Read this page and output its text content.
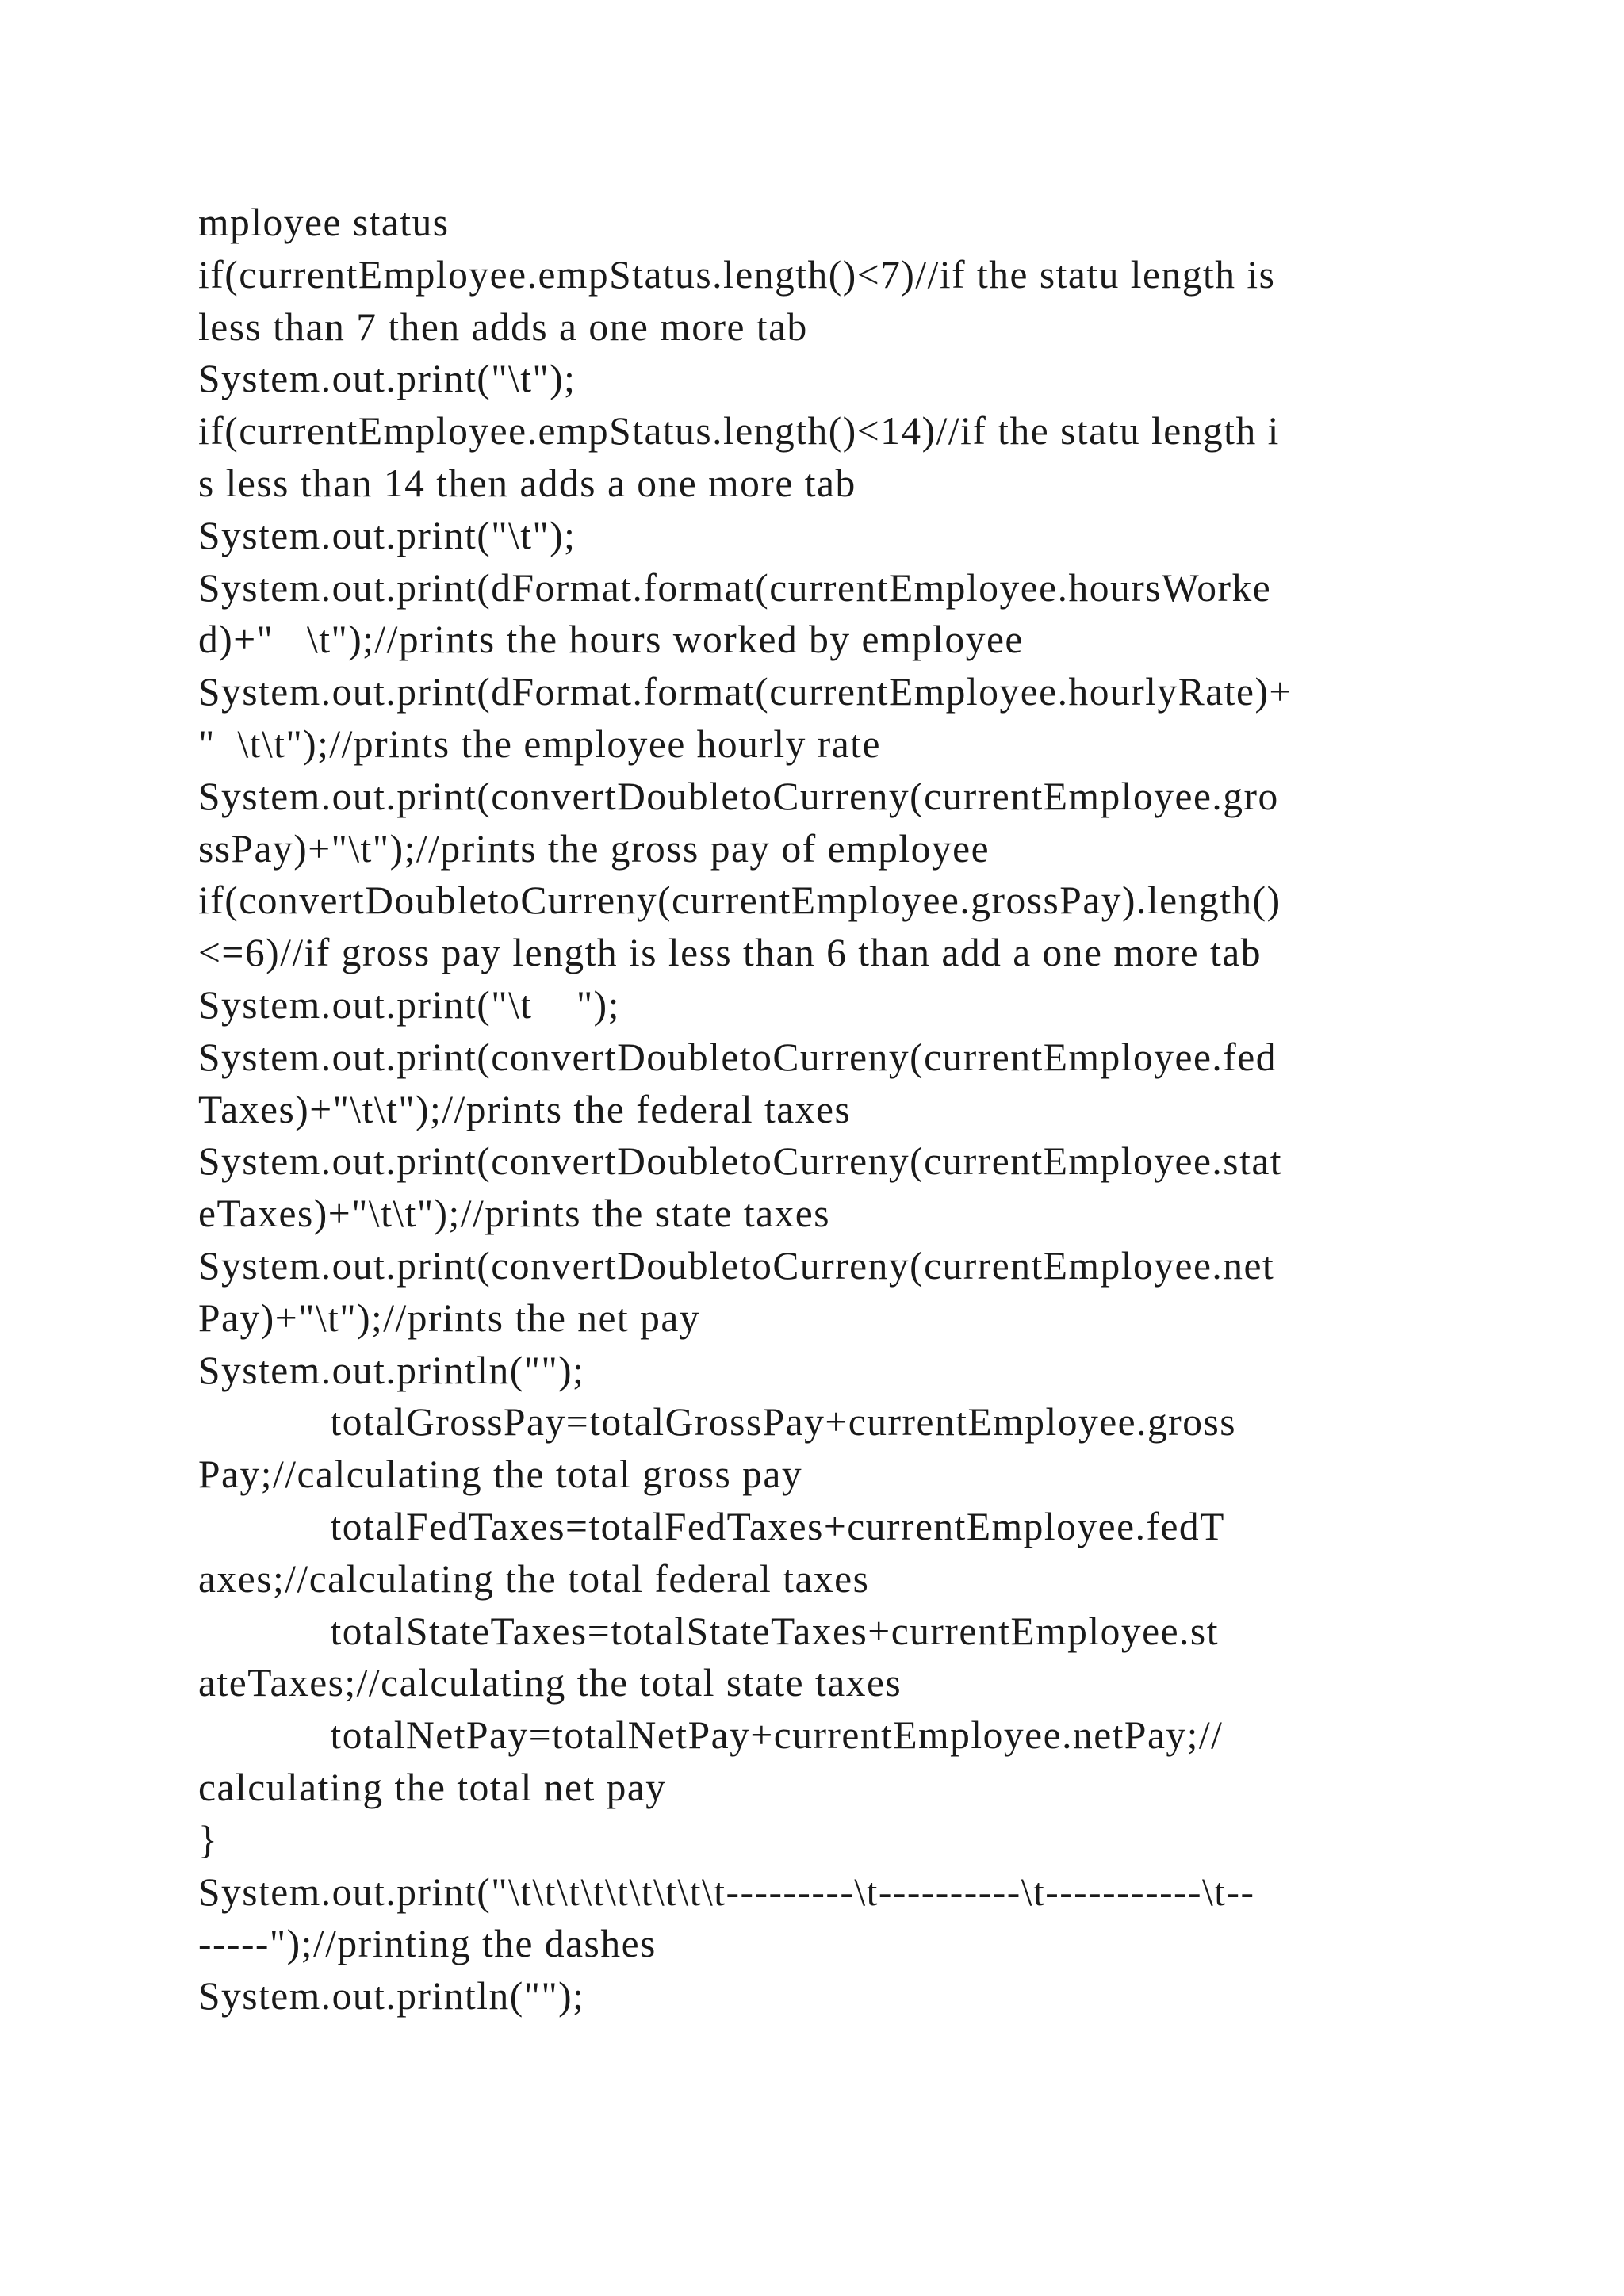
mployee status
if(currentEmployee.empStatus.length()<7)//if the statu length is
less than 7 then adds a one more tab
System.out.print("\t");
if(currentEmployee.empStatus.length()<14)//if the statu length i
s less than 14 then adds a one more tab
System.out.print("\t");
System.out.print(dFormat.format(currentEmployee.hoursWorke
d)+"   \t");//prints the hours worked by employee
System.out.print(dFormat.format(currentEmployee.hourlyRate)+
"  \t\t");//prints the employee hourly rate
System.out.print(convertDoubletoCurreny(currentEmployee.gro
ssPay)+"\t");//prints the gross pay of employee
if(convertDoubletoCurreny(currentEmployee.grossPay).length()
<=6)//if gross pay length is less than 6 than add a one more tab
System.out.print("\t    ");
System.out.print(convertDoubletoCurreny(currentEmployee.fed
Taxes)+"\t\t");//prints the federal taxes
System.out.print(convertDoubletoCurreny(currentEmployee.stat
eTaxes)+"\t\t");//prints the state taxes
System.out.print(convertDoubletoCurreny(currentEmployee.net
Pay)+"\t");//prints the net pay
System.out.println("");
totalGrossPay=totalGrossPay+currentEmployee.gross
Pay;//calculating the total gross pay
totalFedTaxes=totalFedTaxes+currentEmployee.fedT
axes;//calculating the total federal taxes
totalStateTaxes=totalStateTaxes+currentEmployee.st
ateTaxes;//calculating the total state taxes
totalNetPay=totalNetPay+currentEmployee.netPay;//
calculating the total net pay
}
System.out.print("\t\t\t\t\t\t\t\t\t---------\t----------\t-----------\t--
-----");//printing the dashes
System.out.println("");
